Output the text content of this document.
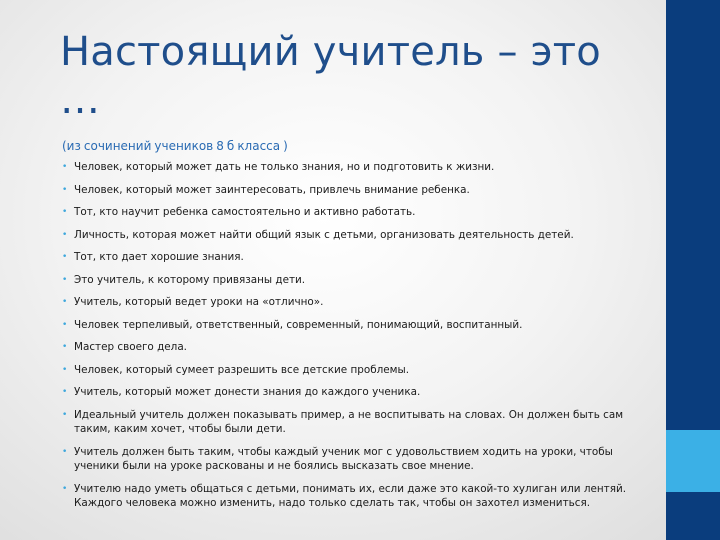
Настоящий учитель – это …
(из сочинений учеников 8 б класса )
• Человек, который может дать не только знания, но и подготовить к жизни.
• Человек, который может заинтересовать, привлечь внимание ребенка.
• Тот, кто научит ребенка самостоятельно и активно работать.
• Личность, которая может найти общий язык с детьми, организовать деятельность детей.
• Тот, кто дает хорошие знания.
• Это учитель, к которому привязаны дети.
• Учитель, который ведет уроки на «отлично».
• Человек терпеливый, ответственный, современный, понимающий, воспитанный.
• Мастер своего дела.
• Человек, который сумеет разрешить все детские проблемы.
• Учитель, который может донести знания до каждого ученика.
• Идеальный учитель должен показывать пример, а не воспитывать на словах. Он должен быть сам таким, каким хочет, чтобы были дети.
• Учитель должен быть таким, чтобы каждый ученик мог с удовольствием ходить на уроки, чтобы ученики были на уроке раскованы и не боялись высказать свое мнение.
• Учителю надо уметь общаться с детьми, понимать их, если даже это какой-то хулиган или лентяй. Каждого человека можно изменить, надо только сделать так, чтобы он захотел измениться.
